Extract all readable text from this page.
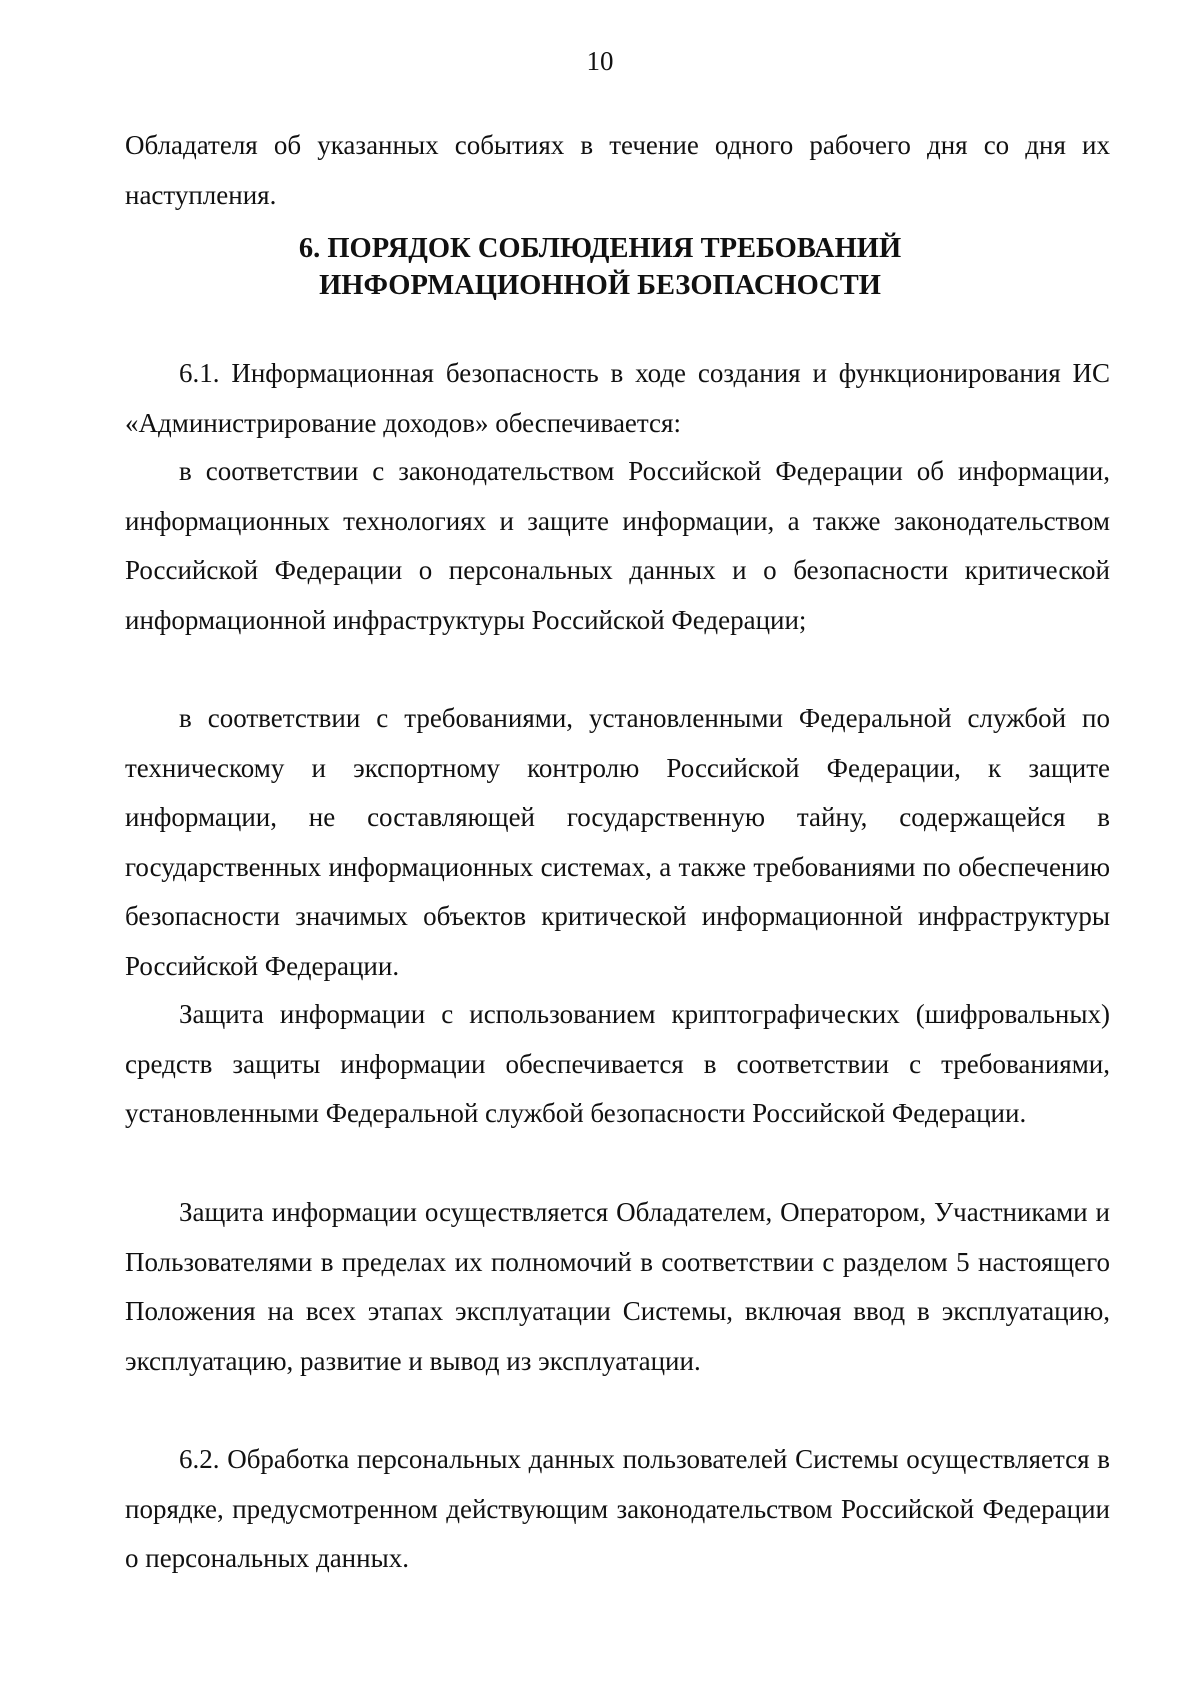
10

Обладателя об указанных событиях в течение одного рабочего дня со дня их наступления.

6. ПОРЯДОК СОБЛЮДЕНИЯ ТРЕБОВАНИЙ
ИНФОРМАЦИОННОЙ БЕЗОПАСНОСТИ

6.1. Информационная безопасность в ходе создания и функционирования ИС «Администрирование доходов» обеспечивается:

в соответствии с законодательством Российской Федерации об информации, информационных технологиях и защите информации, а также законодательством Российской Федерации о персональных данных и о безопасности критической информационной инфраструктуры Российской Федерации;

в соответствии с требованиями, установленными Федеральной службой по техническому и экспортному контролю Российской Федерации, к защите информации, не составляющей государственную тайну, содержащейся в государственных информационных системах, а также требованиями по обеспечению безопасности значимых объектов критической информационной инфраструктуры Российской Федерации.

Защита информации с использованием криптографических (шифровальных) средств защиты информации обеспечивается в соответствии с требованиями, установленными Федеральной службой безопасности Российской Федерации.

Защита информации осуществляется Обладателем, Оператором, Участниками и Пользователями в пределах их полномочий в соответствии с разделом 5 настоящего Положения на всех этапах эксплуатации Системы, включая ввод в эксплуатацию, эксплуатацию, развитие и вывод из эксплуатации.

6.2. Обработка персональных данных пользователей Системы осуществляется в порядке, предусмотренном действующим законодательством Российской Федерации о персональных данных.
